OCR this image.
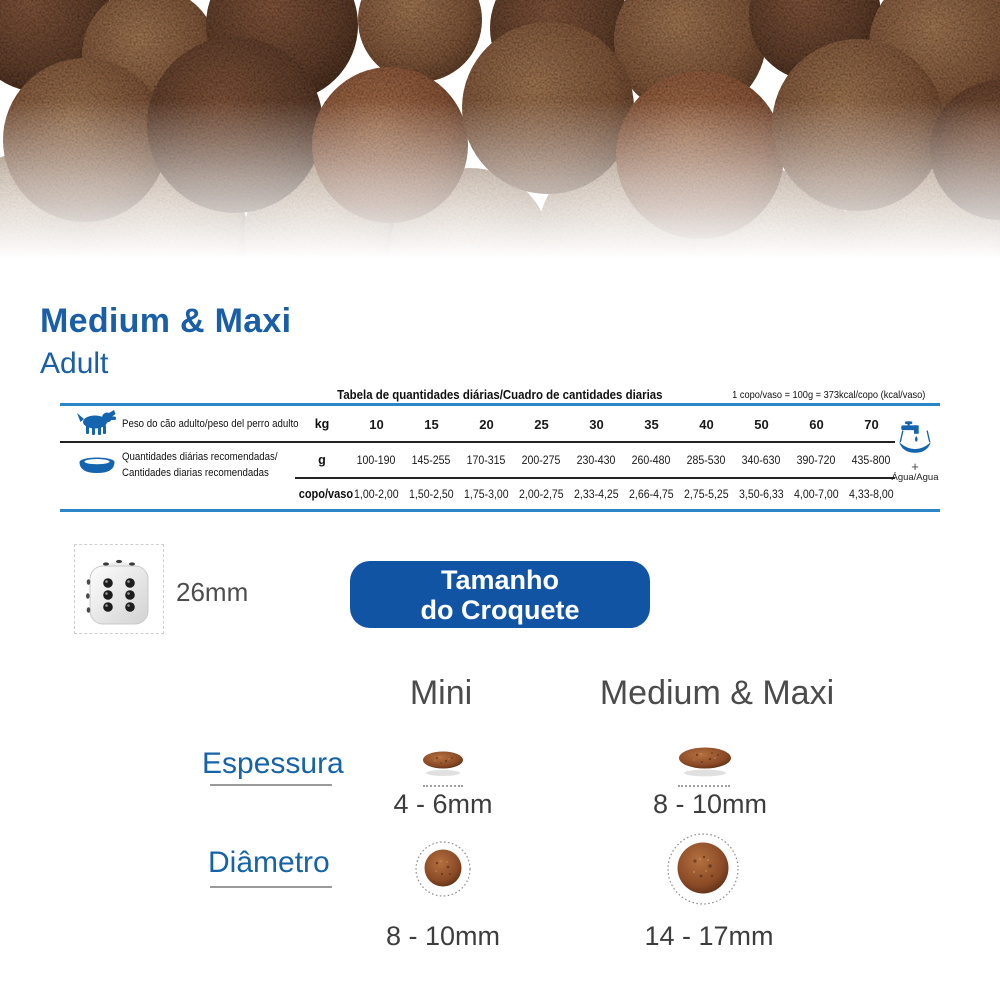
Medium & Maxi
Adult
Tabela de quantidades diárias/Cuadro de cantidades diarias	1 copo/vaso = 100g = 373kcal/copo (kcal/vaso)
Peso do cão adulto/peso del perro adulto	kg	10	15	20	25	30	35	40	50	60	70
Quantidades diárias recomendadas/
Cantidades diarias recomendadas
g	100-190	145-255	170-315	200-275	230-430	260-480	285-530	340-630	390-720	435-800
copo/vaso 1,00-2,00 1,50-2,50 1,75-3,00 2,00-2,75 2,33-4,25 2,66-4,75 2,75-5,25 3,50-6,33 4,00-7,00 4,33-8,00
+
Água/Agua
26mm	Tamanho
do Croquete
Mini	Medium & Maxi
Espessura
4 - 6mm	8 - 10mm
Diâmetro
8 - 10mm	14 - 17mm
